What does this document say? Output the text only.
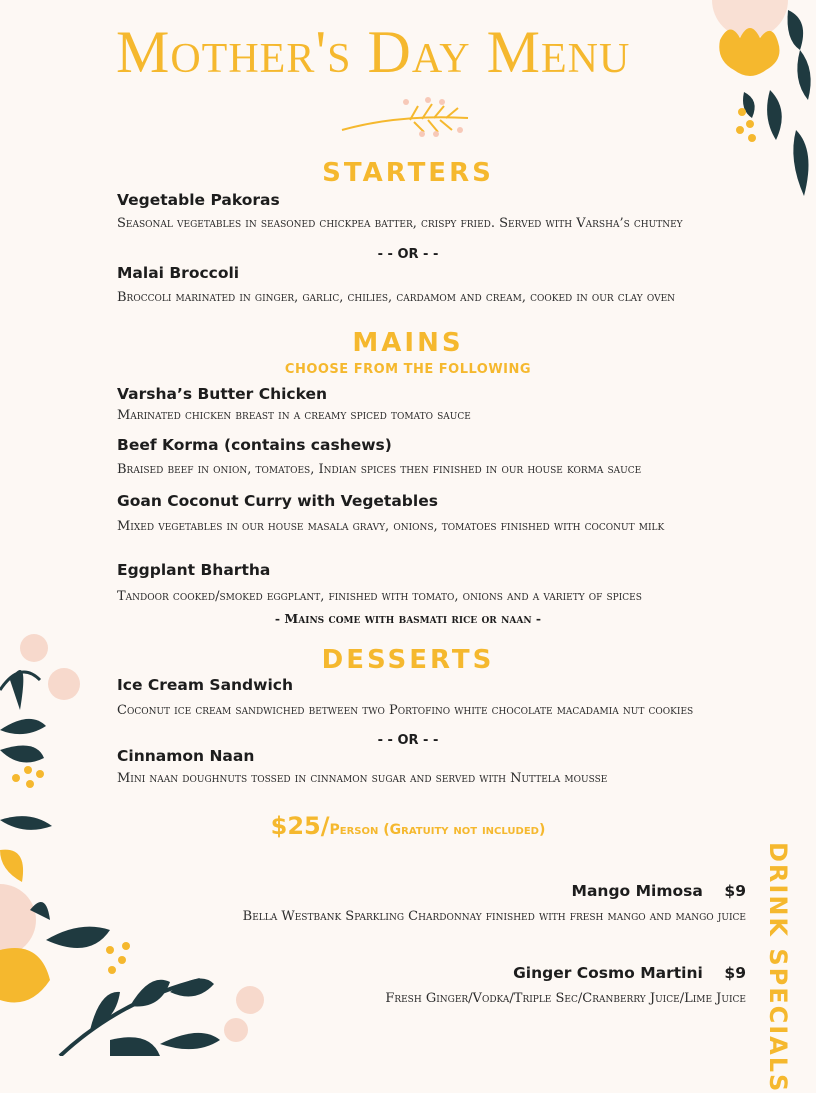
Mother's Day Menu
STARTERS
Vegetable Pakoras
Seasonal vegetables in seasoned chickpea batter, crispy fried. Served with Varsha’s chutney
- - OR - -
Malai Broccoli
Broccoli marinated in ginger, garlic, chilies, cardamom and cream, cooked in our clay oven
MAINS
CHOOSE FROM THE FOLLOWING
Varsha’s Butter Chicken
Marinated chicken breast in a creamy spiced tomato sauce
Beef Korma (contains cashews)
Braised beef in onion, tomatoes, Indian spices then finished in our house korma sauce
Goan Coconut Curry with Vegetables
Mixed vegetables in our house masala gravy, onions, tomatoes finished with coconut milk
Eggplant Bhartha
Tandoor cooked/smoked eggplant, finished with tomato, onions and a variety of spices
- Mains come with basmati rice or naan -
DESSERTS
Ice Cream Sandwich
Coconut ice cream sandwiched between two Portofino white chocolate macadamia nut cookies
- - OR - -
Cinnamon Naan
Mini naan doughnuts tossed in cinnamon sugar and served with Nuttela mousse
$25/Person (Gratuity not included)
Mango Mimosa $9
Bella Westbank Sparkling Chardonnay finished with fresh mango and mango juice
Ginger Cosmo Martini $9
Fresh Ginger/Vodka/Triple Sec/Cranberry Juice/Lime Juice DRINK SPECIALS
